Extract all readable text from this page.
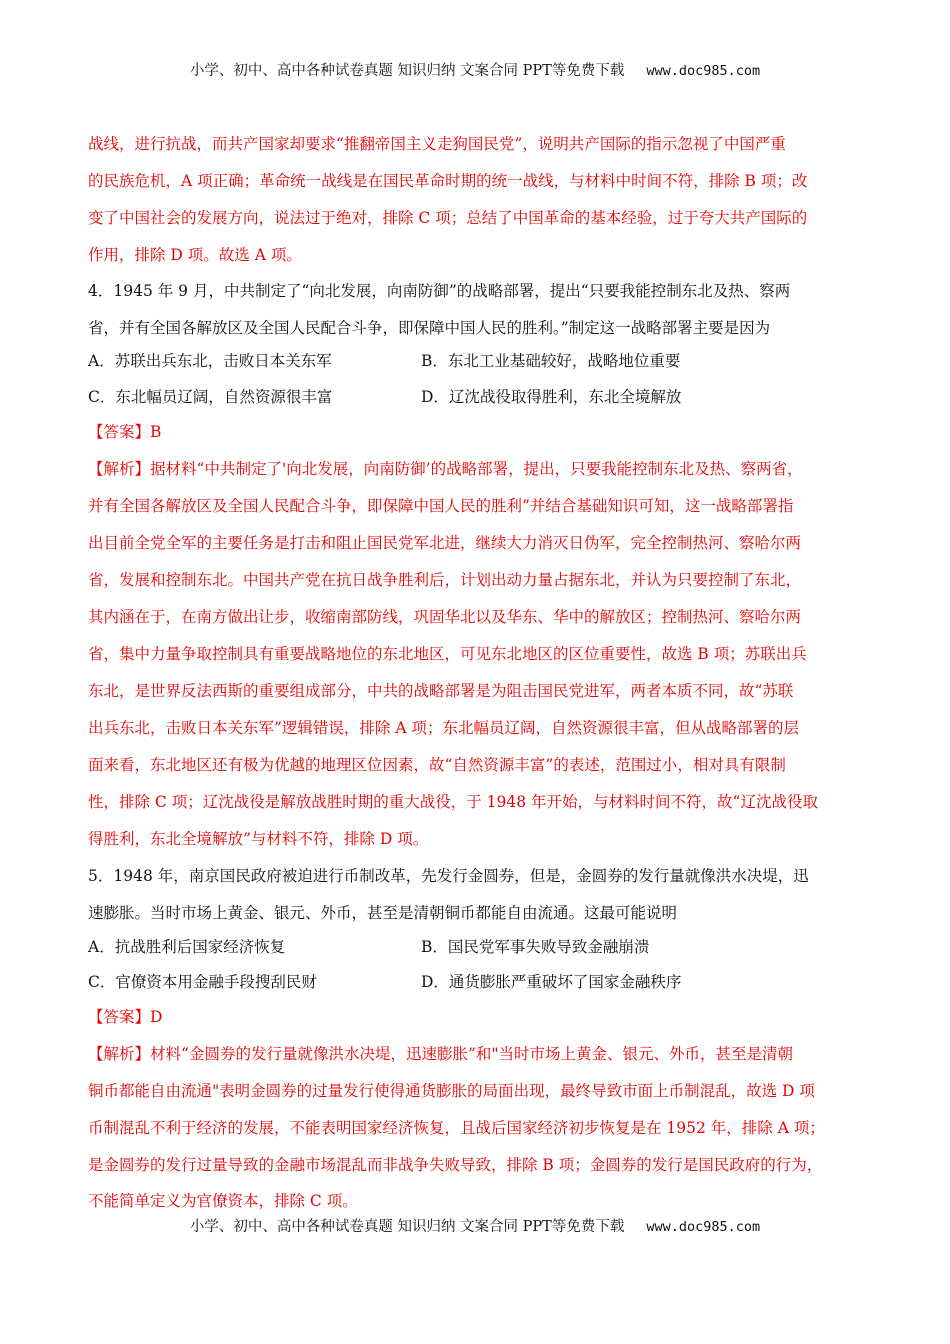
小学、初中、高中各种试卷真题 知识归纳 文案合同 PPT等免费下载 www.doc985.com
战线，进行抗战，而共产国家却要求“推翻帝国主义走狗国民党”，说明共产国际的指示忽视了中国严重
的民族危机，A 项正确；革命统一战线是在国民革命时期的统一战线，与材料中时间不符，排除 B 项；改
变了中国社会的发展方向，说法过于绝对，排除 C 项；总结了中国革命的基本经验，过于夸大共产国际的
作用，排除 D 项。故选 A 项。
4．1945 年 9 月，中共制定了“向北发展，向南防御”的战略部署，提出“只要我能控制东北及热、察两
省，并有全国各解放区及全国人民配合斗争，即保障中国人民的胜利。”制定这一战略部署主要是因为
A．苏联出兵东北，击败日本关东军	B．东北工业基础较好，战略地位重要
C．东北幅员辽阔，自然资源很丰富	D．辽沈战役取得胜利，东北全境解放
【答案】B
【解析】据材料“中共制定了'向北发展，向南防御’的战略部署，提出，只要我能控制东北及热、察两省，
并有全国各解放区及全国人民配合斗争，即保障中国人民的胜利”并结合基础知识可知，这一战略部署指
出目前全党全军的主要任务是打击和阻止国民党军北进，继续大力消灭日伪军，完全控制热河、察哈尔两
省，发展和控制东北。中国共产党在抗日战争胜利后，计划出动力量占据东北，并认为只要控制了东北，
其内涵在于，在南方做出让步，收缩南部防线，巩固华北以及华东、华中的解放区；控制热河、察哈尔两
省，集中力量争取控制具有重要战略地位的东北地区，可见东北地区的区位重要性，故选 B 项；苏联出兵
东北，是世界反法西斯的重要组成部分，中共的战略部署是为阻击国民党进军，两者本质不同，故“苏联
出兵东北，击败日本关东军”逻辑错误，排除 A 项；东北幅员辽阔，自然资源很丰富，但从战略部署的层
面来看，东北地区还有极为优越的地理区位因素，故“自然资源丰富”的表述，范围过小，相对具有限制
性，排除 C 项；辽沈战役是解放战胜时期的重大战役，于 1948 年开始，与材料时间不符，故“辽沈战役取
得胜利，东北全境解放”与材料不符，排除 D 项。
5．1948 年，南京国民政府被迫进行币制改革，先发行金圆券，但是，金圆券的发行量就像洪水决堤，迅
速膨胀。当时市场上黄金、银元、外币，甚至是清朝铜币都能自由流通。这最可能说明
A．抗战胜利后国家经济恢复	B．国民党军事失败导致金融崩溃
C．官僚资本用金融手段搜刮民财	D．通货膨胀严重破坏了国家金融秩序
【答案】D
【解析】材料“金圆券的发行量就像洪水决堤，迅速膨胀”和"当时市场上黄金、银元、外币，甚至是清朝
铜币都能自由流通"表明金圆券的过量发行使得通货膨胀的局面出现，最终导致市面上币制混乱，故选 D 项
币制混乱不利于经济的发展，不能表明国家经济恢复，且战后国家经济初步恢复是在 1952 年，排除 A 项；
是金圆券的发行过量导致的金融市场混乱而非战争失败导致，排除 B 项；金圆券的发行是国民政府的行为，
不能简单定义为官僚资本，排除 C 项。
小学、初中、高中各种试卷真题 知识归纳 文案合同 PPT等免费下载 www.doc985.com
